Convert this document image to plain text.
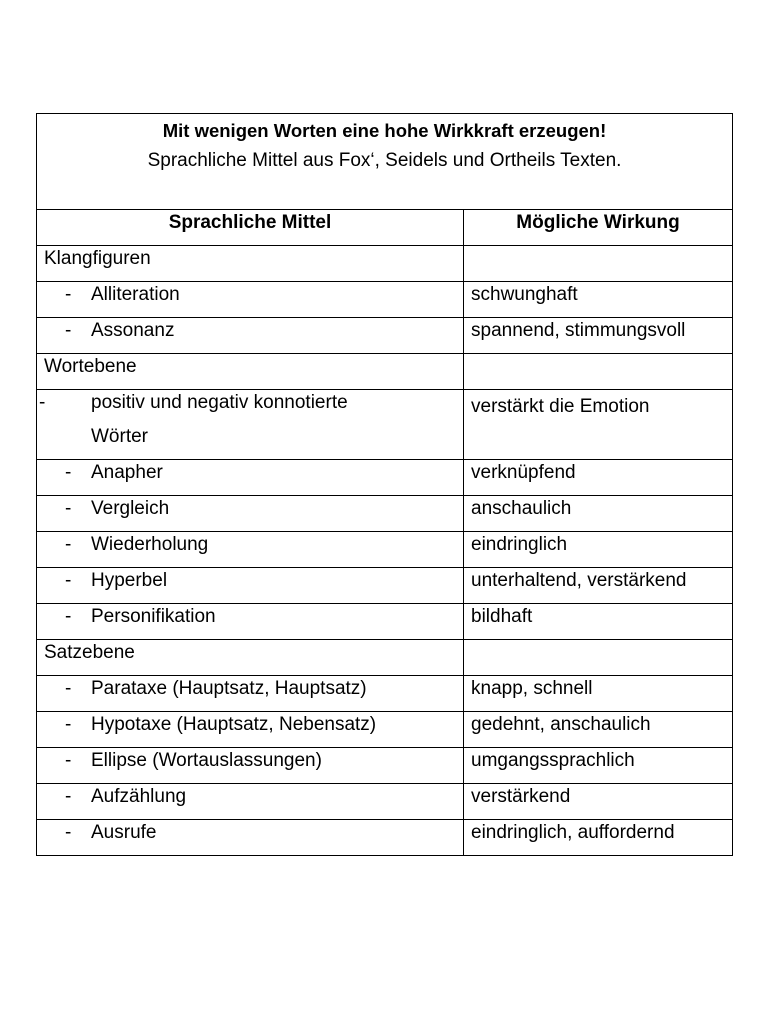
Mit wenigen Worten eine hohe Wirkkraft erzeugen!
Sprachliche Mittel aus Fox‘, Seidels und Ortheils Texten.	

Sprachliche Mittel	Mögliche Wirkung
Klangfiguren	
- Alliteration	schwunghaft
- Assonanz	spannend, stimmungsvoll
Wortebene	

- positiv und negativ konnotierte
Wörter	verstärkt die Emotion
- Anapher	verknüpfend
- Vergleich	anschaulich
- Wiederholung	eindringlich
- Hyperbel	unterhaltend, verstärkend
- Personifikation	bildhaft
Satzebene	
- Parataxe (Hauptsatz, Hauptsatz)	knapp, schnell
- Hypotaxe (Hauptsatz, Nebensatz)	gedehnt, anschaulich
- Ellipse (Wortauslassungen)	umgangssprachlich
- Aufzählung	verstärkend
- Ausrufe	eindringlich, auffordernd
